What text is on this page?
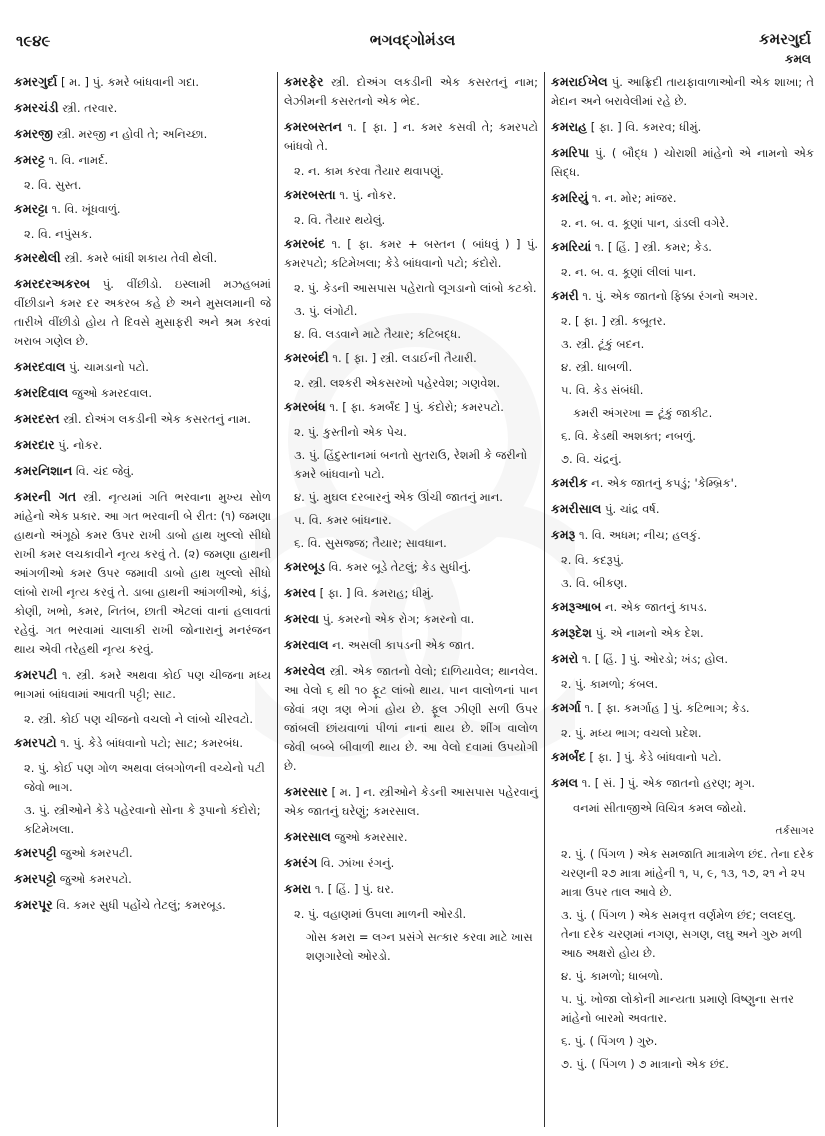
૧૯૪૯	ભગવદ્ગોમંડલ	કમરગુર્દા
કમલ

કમરગુર્દા [ મ. ] પું. કમરે બાંધવાની ગદા.

કમરચંડી સ્ત્રી. તરવાર.

કમરજી સ્ત્રી. મરજી ન હોવી તે; અનિચ્છા.

કમરટ્ટ ૧. વિ. નામર્દ.

૨. વિ. સુસ્ત.

કમરટ્ટા ૧. વિ. ખૂંધવાળું.

૨. વિ. નપુંસક.

કમરથેલી સ્ત્રી. કમરે બાંધી શકાય તેવી થેલી.

કમરદરઅકરબ પું. વીંછીડો. ઇસ્લામી મઝહબમાં વીંછીડાને કમર દર અકરબ કહે છે અને મુસલમાની જે તારીખે વીંછીડો હોય તે દિવસે મુસાફરી અને શ્રમ કરવાં ખરાબ ગણેલ છે.

કમરદવાલ પું. ચામડાનો પટો.

કમરદિવાલ જુઓ કમરદવાલ.

કમરદસ્ત સ્ત્રી. દોઅંગ લકડીની એક કસરતનું નામ.

કમરદાર પું. નોકર.

કમરનિશાન વિ. ચંદ જેવું.

કમરની ગત સ્ત્રી. નૃત્યમાં ગતિ ભરવાના મુખ્ય સોળ માંહેનો એક પ્રકાર. આ ગત ભરવાની બે રીત: (૧) જમણા હાથનો અંગૂઠો કમર ઉપર રાખી ડાબો હાથ ખુલ્લો સીધો રાખી કમર લચકાવીને નૃત્ય કરવું તે. (૨) જમણા હાથની આંગળીઓ કમર ઉપર જમાવી ડાબો હાથ ખુલ્લો સીધો લાંબો રાખી નૃત્ય કરવું તે. ડાબા હાથની આંગળીઓ, કાંડું, કોણી, ખભો, કમર, નિતંબ, છાતી એટલાં વાનાં હલાવતાં રહેવું. ગત ભરવામાં ચાલાકી રાખી જોનારાનું મનરંજન થાય એવી તરેહથી નૃત્ય કરવું.

કમરપટી ૧. સ્ત્રી. કમરે અથવા કોઈ પણ ચીજના મધ્ય ભાગમાં બાંધવામાં આવતી પટ્ટી; સાટ.

૨. સ્ત્રી. કોઈ પણ ચીજનો વચલો ને લાંબો ચીરવટો.

કમરપટો ૧. પું. કેડે બાંધવાનો પટો; સાટ; કમરબંધ.

૨. પું. કોઈ પણ ગોળ અથવા લંબગોળની વચ્ચેનો પટી જેવો ભાગ.

૩. પું. સ્ત્રીઓને કેડે પહેરવાનો સોના કે રૂપાનો કંદોરો; કટિમેખલા.

કમરપટ્ટી જુઓ કમરપટી.

કમરપટ્ટો જુઓ કમરપટો.

કમરપૂર વિ. કમર સુધી પહોંચે તેટલું; કમરબૂડ.

કમરફેર સ્ત્રી. દોઅંગ લકડીની એક કસરતનું નામ; લેઝીમની કસરતનો એક ભેદ.

કમરબસ્તન ૧. [ ફા. ] ન. કમર કસવી તે; કમરપટો બાંધવો તે.

૨. ન. કામ કરવા તૈયાર થવાપણું.

કમરબસ્તા ૧. પું. નોકર.

૨. વિ. તૈયાર થયેલું.

કમરબંદ ૧. [ ફા. કમર + બસ્તન ( બાંધવું ) ] પું. કમરપટો; કટિમેખલા; કેડે બાંધવાનો પટો; કંદોરો.

૨. પું. કેડની આસપાસ પહેરાતો લૂગડાનો લાંબો કટકો.

૩. પું. લંગોટી.

૪. વિ. લડવાને માટે તૈયાર; કટિબદ્ધ.

કમરબંદી ૧. [ ફા. ] સ્ત્રી. લડાઈની તૈયારી.

૨. સ્ત્રી. લશ્કરી એકસરખો પહેરવેશ; ગણવેશ.

કમરબંધ ૧. [ ફા. કમર્બંદ ] પું. કંદોરો; કમરપટો.

૨. પું. કુસ્તીનો એક પેચ.

૩. પું. હિંદુસ્તાનમાં બનતો સુતરાઉ, રેશમી કે જરીનો કમરે બાંધવાનો પટો.

૪. પું. મુઘલ દરબારનું એક ઊંચી જાતનું માન.

૫. વિ. કમર બાંધનાર.

૬. વિ. સુસજ્જ; તૈયાર; સાવધાન.

કમરબૂડ વિ. કમર બૂડે તેટલું; કેડ સુધીનું.

કમરવ [ ફા. ] વિ. કમરાહ; ધીમું.

કમરવા પું. કમરનો એક રોગ; કમરનો વા.

કમરવાલ ન. અસલી કાપડની એક જાત.

કમરવેલ સ્ત્રી. એક જાતનો વેલો; દાળિયાવેલ; થાનવેલ. આ વેલો ૬ થી ૧૦ ફૂટ લાંબો થાય. પાન વાલોળનાં પાન જેવાં ત્રણ ત્રણ ભેગાં હોય છે. ફૂલ ઝીણી સળી ઉપર જાંબલી છાંયવાળાં પીળાં નાનાં થાય છે. શીંગ વાલોળ જેવી બબ્બે બીવાળી થાય છે. આ વેલો દવામાં ઉપયોગી છે.

કમરસાર [ મ. ] ન. સ્ત્રીઓને કેડની આસપાસ પહેરવાનું એક જાતનું ઘરેણું; કમરસાલ.

કમરસાલ જુઓ કમરસાર.

કમરંગ વિ. ઝાંખા રંગનું.

કમરા ૧. [ હિં. ] પું. ઘર.

૨. પું. વહાણમાં ઉપલા માળની ઓરડી.

ગોસ કમરા = લગ્ન પ્રસંગે સત્કાર કરવા માટે ખાસ શણગારેલો ઓરડો.

કમરાઈખેલ પું. આફ્રિદી તાયફાવાળાઓની એક શાખા; તે મેદાન અને બરાવેલીમાં રહે છે.

કમરાહ [ ફા. ] વિ. કમરવ; ધીમું.

કમરિપા પું. ( બૌદ્ધ ) ચોરાશી માંહેનો એ નામનો એક સિદ્ધ.

કમરિયું ૧. ન. મોર; માંજર.

૨. ન. બ. વ. કૂણાં પાન, ડાંડલી વગેરે.

કમરિયાં ૧. [ હિં. ] સ્ત્રી. કમર; કેડ.

૨. ન. બ. વ. કૂણાં લીલાં પાન.

કમરી ૧. પું. એક જાતનો ફિક્કા રંગનો અગર.

૨. [ ફા. ] સ્ત્રી. કબૂતર.

૩. સ્ત્રી. ટૂંકું બદન.

૪. સ્ત્રી. ધાબળી.

૫. વિ. કેડ સંબંધી.

કમરી અંગરખા = ટૂંકું જાકીટ.

૬. વિ. કેડથી અશક્ત; નબળું.

૭. વિ. ચંદ્રનું.

કમરીક ન. એક જાતનું કપડું; 'કેમ્બ્રિક'.

કમરીસાલ પું. ચાંદ્ર વર્ષ.

કમરૂ ૧. વિ. અધમ; નીચ; હલકું.

૨. વિ. કદરૂપું.

૩. વિ. બીકણ.

કમરૂઆબ ન. એક જાતનું કાપડ.

કમરૂદેશ પું. એ નામનો એક દેશ.

કમરો ૧. [ હિં. ] પું. ઓરડો; ખંડ; હોલ.

૨. પું. કામળો; કંબલ.

કમર્ગા ૧. [ ફા. કમર્ગાહ ] પું. કટિભાગ; કેડ.

૨. પું. મધ્ય ભાગ; વચલો પ્રદેશ.

કમર્બંદ [ ફા. ] પું. કેડે બાંધવાનો પટો.

કમલ ૧. [ સં. ] પું. એક જાતનો હરણ; મૃગ.

વનમાં સીતાજીએ વિચિત્ર કમલ જોયો.

તર્કસાગર

૨. પું. ( પિંગળ ) એક સમજાતિ માત્રામેળ છંદ. તેના દરેક ચરણની ૨૭ માત્રા માંહેની ૧, ૫, ૯, ૧૩, ૧૭, ૨૧ ને ૨૫ માત્રા ઉપર તાલ આવે છે.

૩. પું. ( પિંગળ ) એક સમવૃત્ત વર્ણમેળ છંદ; લલદલુ. તેના દરેક ચરણમાં નગણ, સગણ, લઘુ અને ગુરુ મળી આઠ અક્ષરો હોય છે.

૪. પું. કામળો; ધાબળો.

૫. પું. ખોજા લોકોની માન્યતા પ્રમાણે વિષ્ણુના સત્તર માંહેનો બારમો અવતાર.

૬. પું. ( પિંગળ ) ગુરુ.

૭. પું. ( પિંગળ ) ૭ માત્રાનો એક છંદ.
